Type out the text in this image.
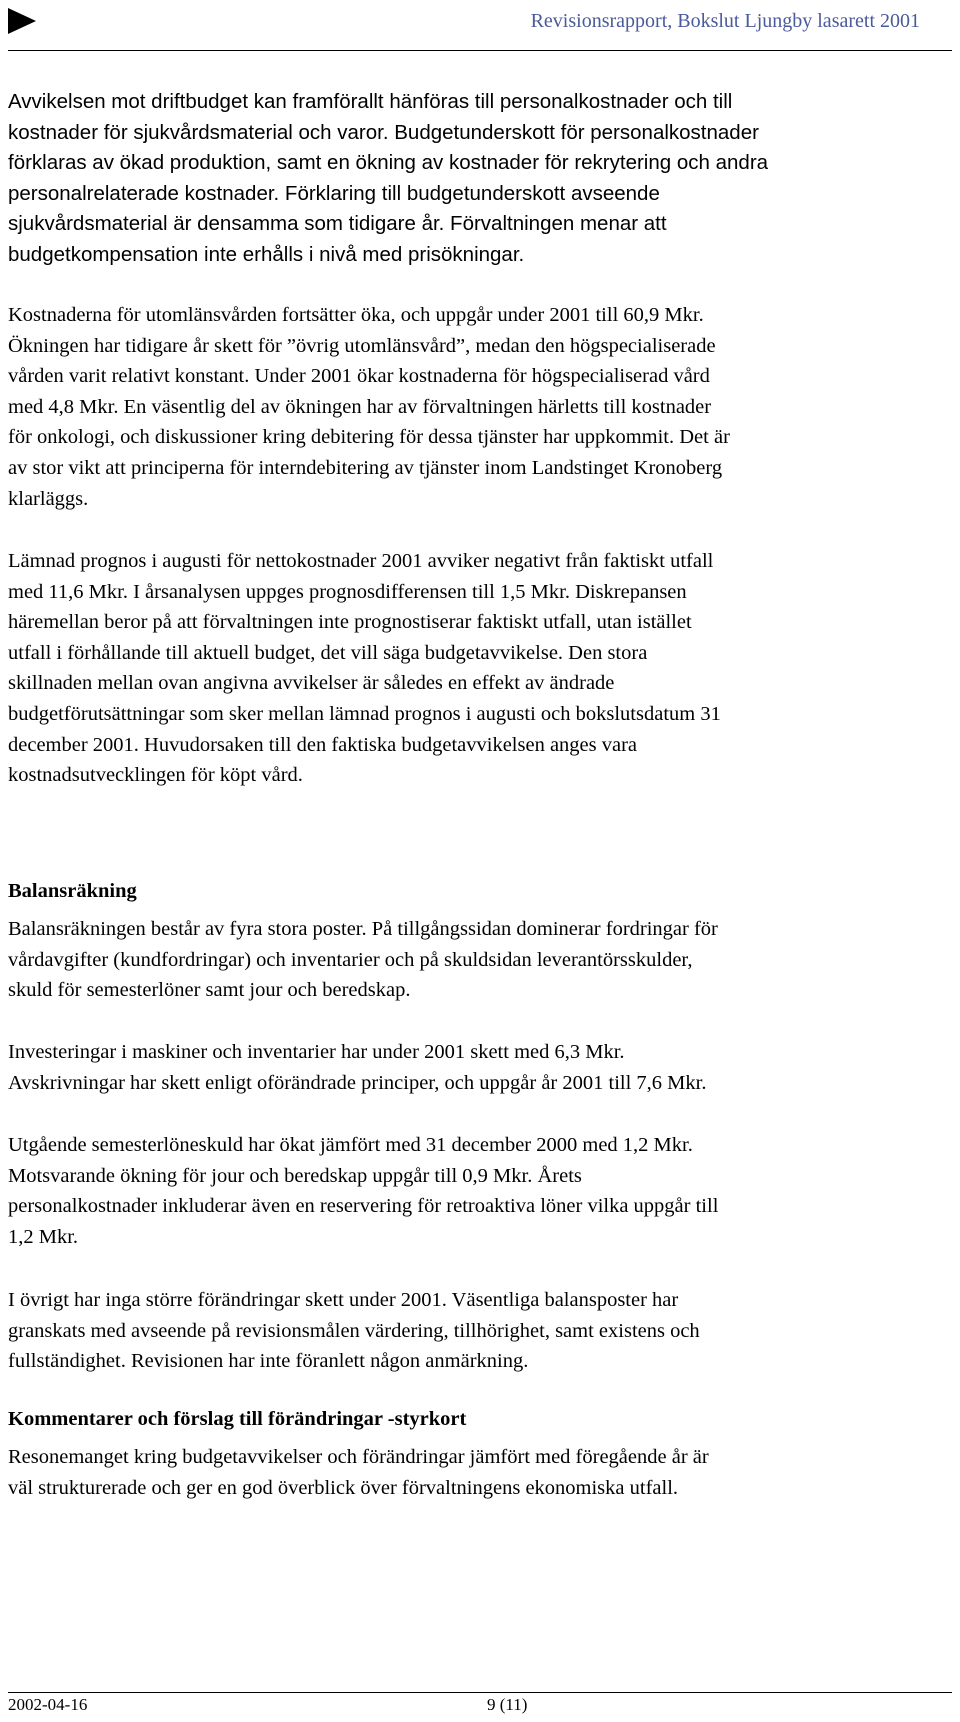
Revisionsrapport, Bokslut Ljungby lasarett 2001
Avvikelsen mot driftbudget kan framförallt hänföras till personalkostnader och till
kostnader för sjukvårdsmaterial och varor. Budgetunderskott för personalkostnader
förklaras av ökad produktion, samt en ökning av kostnader för rekrytering och andra
personalrelaterade kostnader. Förklaring till budgetunderskott avseende
sjukvårdsmaterial är densamma som tidigare år. Förvaltningen menar att
budgetkompensation inte erhålls i nivå med prisökningar.
Kostnaderna för utomlänsvården fortsätter öka, och uppgår under 2001 till 60,9 Mkr.
Ökningen har tidigare år skett för ”övrig utomlänsvård”, medan den högspecialiserade
vården varit relativt konstant. Under 2001 ökar kostnaderna för högspecialiserad vård
med 4,8 Mkr. En väsentlig del av ökningen har av förvaltningen härletts till kostnader
för onkologi, och diskussioner kring debitering för dessa tjänster har uppkommit. Det är
av stor vikt att principerna för interndebitering av tjänster inom Landstinget Kronoberg
klarläggs.
Lämnad prognos i augusti för nettokostnader 2001 avviker negativt från faktiskt utfall
med 11,6 Mkr. I årsanalysen uppges prognosdifferensen till 1,5 Mkr. Diskrepansen
häremellan beror på att förvaltningen inte prognostiserar faktiskt utfall, utan istället
utfall i förhållande till aktuell budget, det vill säga budgetavvikelse. Den stora
skillnaden mellan ovan angivna avvikelser är således en effekt av ändrade
budgetförutsättningar som sker mellan lämnad prognos i augusti och bokslutsdatum 31
december 2001. Huvudorsaken till den faktiska budgetavvikelsen anges vara
kostnadsutvecklingen för köpt vård.
Balansräkning
Balansräkningen består av fyra stora poster. På tillgångssidan dominerar fordringar för
vårdavgifter (kundfordringar) och inventarier och på skuldsidan leverantörsskulder,
skuld för semesterlöner samt jour och beredskap.
Investeringar i maskiner och inventarier har under 2001 skett med 6,3 Mkr.
Avskrivningar har skett enligt oförändrade principer, och uppgår år 2001 till 7,6 Mkr.
Utgående semesterlöneskuld har ökat jämfört med 31 december 2000 med 1,2 Mkr.
Motsvarande ökning för jour och beredskap uppgår till 0,9 Mkr. Årets
personalkostnader inkluderar även en reservering för retroaktiva löner vilka uppgår till
1,2 Mkr.
I övrigt har inga större förändringar skett under 2001. Väsentliga balansposter har
granskats med avseende på revisionsmålen värdering, tillhörighet, samt existens och
fullständighet. Revisionen har inte föranlett någon anmärkning.
Kommentarer och förslag till förändringar -styrkort
Resonemanget kring budgetavvikelser och förändringar jämfört med föregående år är
väl strukturerade och ger en god överblick över förvaltningens ekonomiska utfall.
2002-04-16	9 (11)
